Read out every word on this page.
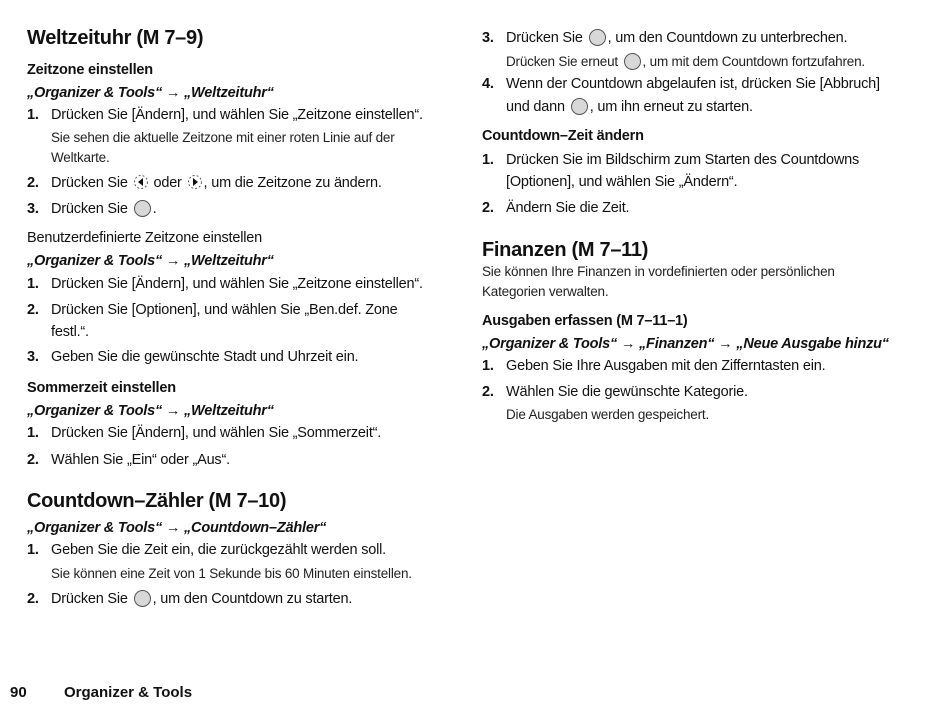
Weltzeituhr (M 7–9)
Zeitzone einstellen
„Organizer & Tools“ → „Weltzeituhr“
1. Drücken Sie [Ändern], und wählen Sie „Zeitzone einstellen“.
Sie sehen die aktuelle Zeitzone mit einer roten Linie auf der
Weltkarte.
2. Drücken Sie oder , um die Zeitzone zu ändern.
3. Drücken Sie .
Benutzerdefinierte Zeitzone einstellen
„Organizer & Tools“ → „Weltzeituhr“
1. Drücken Sie [Ändern], und wählen Sie „Zeitzone einstellen“.
2. Drücken Sie [Optionen], und wählen Sie „Ben.def. Zone
festl.“.
3. Geben Sie die gewünschte Stadt und Uhrzeit ein.
Sommerzeit einstellen
„Organizer & Tools“ → „Weltzeituhr“
1. Drücken Sie [Ändern], und wählen Sie „Sommerzeit“.
2. Wählen Sie „Ein“ oder „Aus“.
Countdown–Zähler (M 7–10)
„Organizer & Tools“ → „Countdown–Zähler“
1. Geben Sie die Zeit ein, die zurückgezählt werden soll.
Sie können eine Zeit von 1 Sekunde bis 60 Minuten einstellen.
2. Drücken Sie , um den Countdown zu starten.
3. Drücken Sie , um den Countdown zu unterbrechen.
Drücken Sie erneut , um mit dem Countdown fortzufahren.
4. Wenn der Countdown abgelaufen ist, drücken Sie [Abbruch]
und dann , um ihn erneut zu starten.
Countdown–Zeit ändern
1. Drücken Sie im Bildschirm zum Starten des Countdowns
[Optionen], und wählen Sie „Ändern“.
2. Ändern Sie die Zeit.
Finanzen (M 7–11)
Sie können Ihre Finanzen in vordefinierten oder persönlichen
Kategorien verwalten.
Ausgaben erfassen (M 7–11–1)
„Organizer & Tools“ → „Finanzen“ → „Neue Ausgabe hinzu“
1. Geben Sie Ihre Ausgaben mit den Zifferntasten ein.
2. Wählen Sie die gewünschte Kategorie.
Die Ausgaben werden gespeichert.
90 Organizer & Tools
